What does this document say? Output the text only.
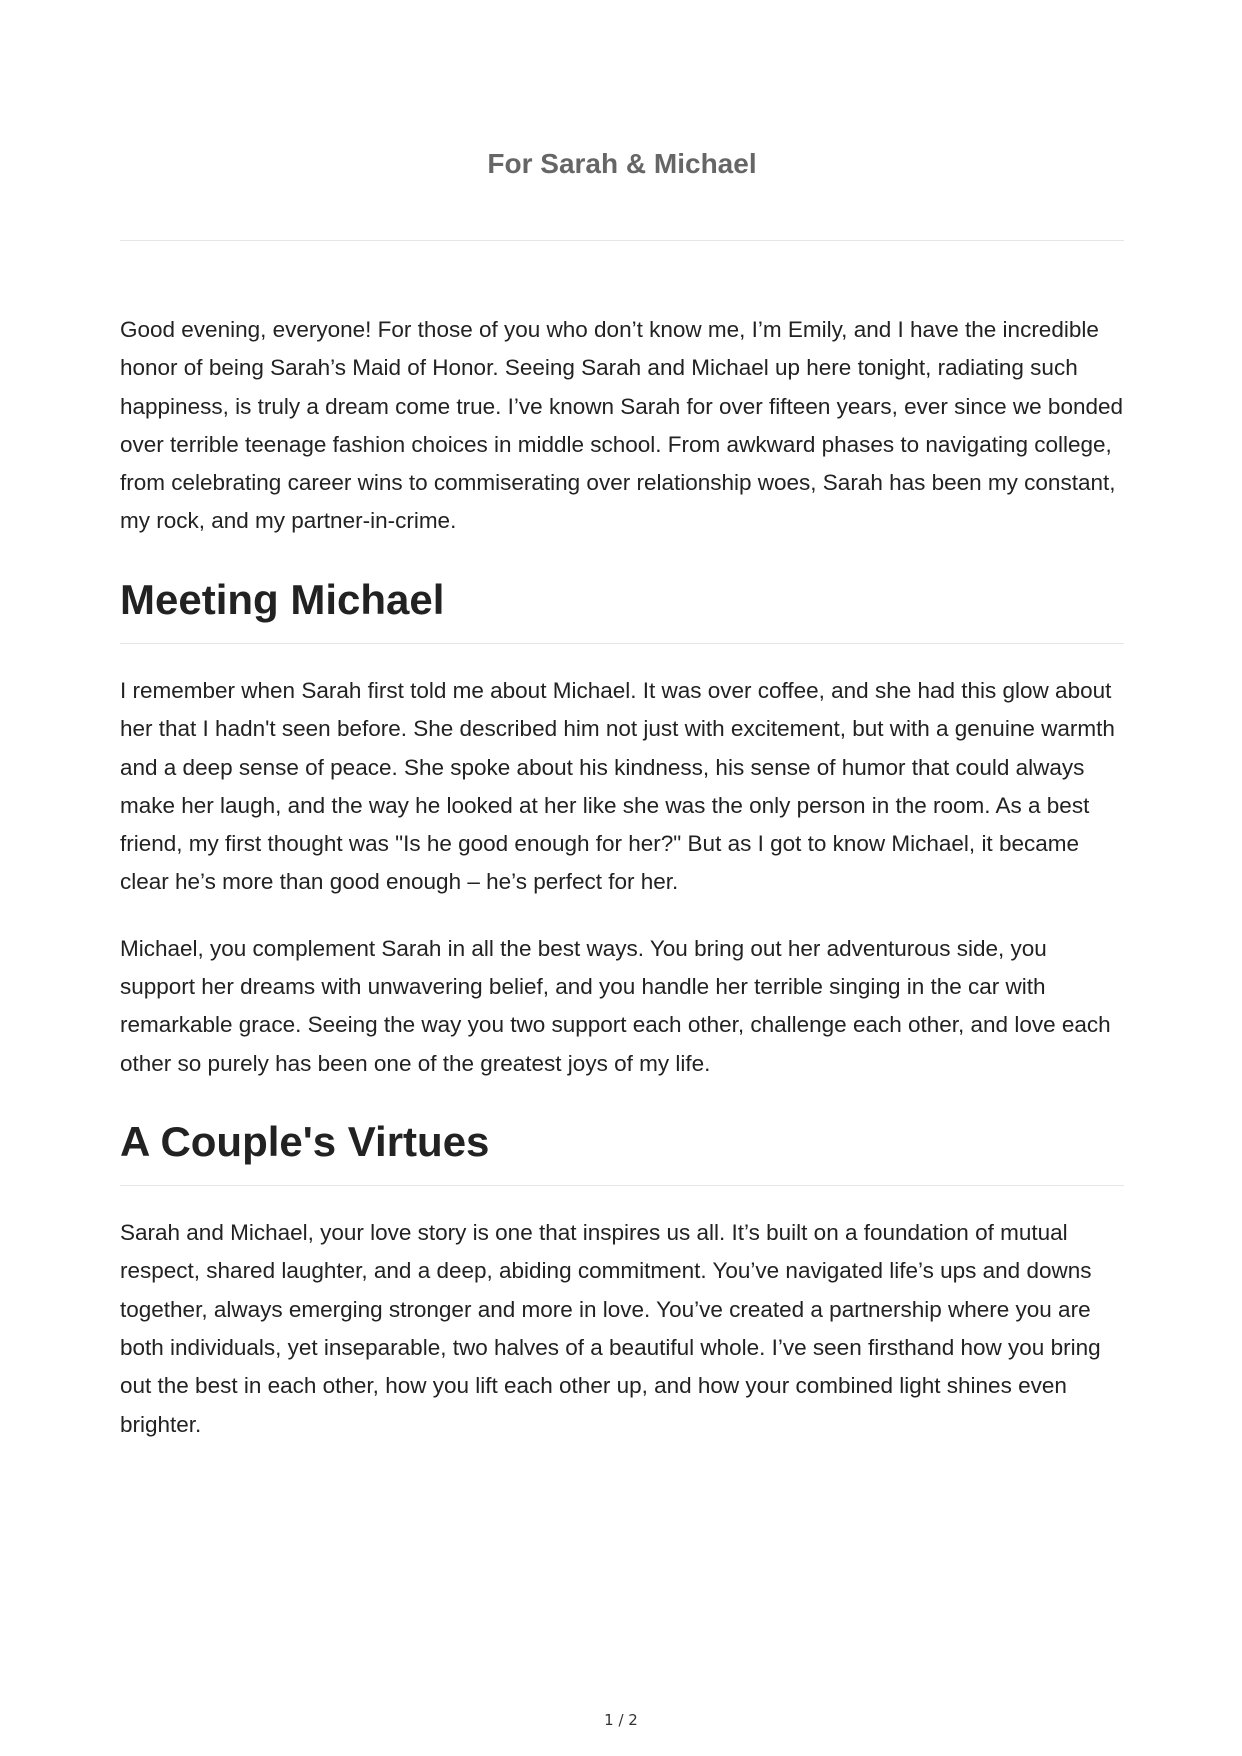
For Sarah & Michael

Good evening, everyone! For those of you who don’t know me, I’m Emily, and I have the incredible honor of being Sarah’s Maid of Honor. Seeing Sarah and Michael up here tonight, radiating such happiness, is truly a dream come true. I’ve known Sarah for over fifteen years, ever since we bonded over terrible teenage fashion choices in middle school. From awkward phases to navigating college, from celebrating career wins to commiserating over relationship woes, Sarah has been my constant, my rock, and my partner-in-crime.

Meeting Michael

I remember when Sarah first told me about Michael. It was over coffee, and she had this glow about her that I hadn't seen before. She described him not just with excitement, but with a genuine warmth and a deep sense of peace. She spoke about his kindness, his sense of humor that could always make her laugh, and the way he looked at her like she was the only person in the room. As a best friend, my first thought was "Is he good enough for her?" But as I got to know Michael, it became clear he’s more than good enough – he’s perfect for her.

Michael, you complement Sarah in all the best ways. You bring out her adventurous side, you support her dreams with unwavering belief, and you handle her terrible singing in the car with remarkable grace. Seeing the way you two support each other, challenge each other, and love each other so purely has been one of the greatest joys of my life.

A Couple's Virtues

Sarah and Michael, your love story is one that inspires us all. It’s built on a foundation of mutual respect, shared laughter, and a deep, abiding commitment. You’ve navigated life’s ups and downs together, always emerging stronger and more in love. You’ve created a partnership where you are both individuals, yet inseparable, two halves of a beautiful whole. I’ve seen firsthand how you bring out the best in each other, how you lift each other up, and how your combined light shines even brighter.

1 / 2
